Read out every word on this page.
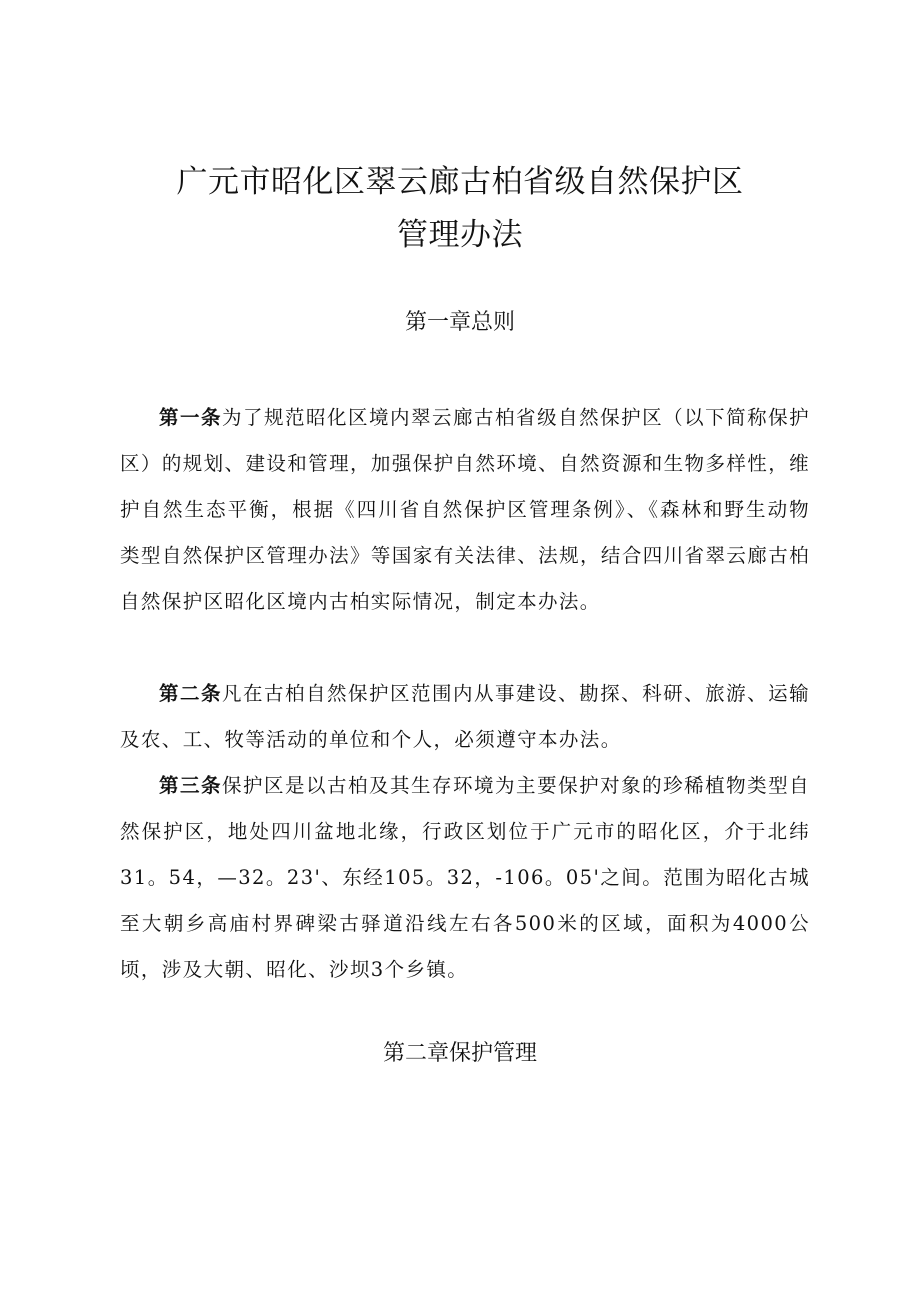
广元市昭化区翠云廊古柏省级自然保护区
管理办法
第一章总则

第一条为了规范昭化区境内翠云廊古柏省级自然保护区（以下简称保护区）的规划、建设和管理，加强保护自然环境、自然资源和生物多样性，维护自然生态平衡，根据《四川省自然保护区管理条例》、《森林和野生动物类型自然保护区管理办法》等国家有关法律、法规，结合四川省翠云廊古柏自然保护区昭化区境内古柏实际情况，制定本办法。

第二条凡在古柏自然保护区范围内从事建设、勘探、科研、旅游、运输及农、工、牧等活动的单位和个人，必须遵守本办法。

第三条保护区是以古柏及其生存环境为主要保护对象的珍稀植物类型自然保护区，地处四川盆地北缘，行政区划位于广元市的昭化区，介于北纬31。54，—32。23'、东经105。32，-106。05'之间。范围为昭化古城至大朝乡高庙村界碑梁古驿道沿线左右各500米的区域，面积为4000公顷，涉及大朝、昭化、沙坝3个乡镇。

第二章保护管理
